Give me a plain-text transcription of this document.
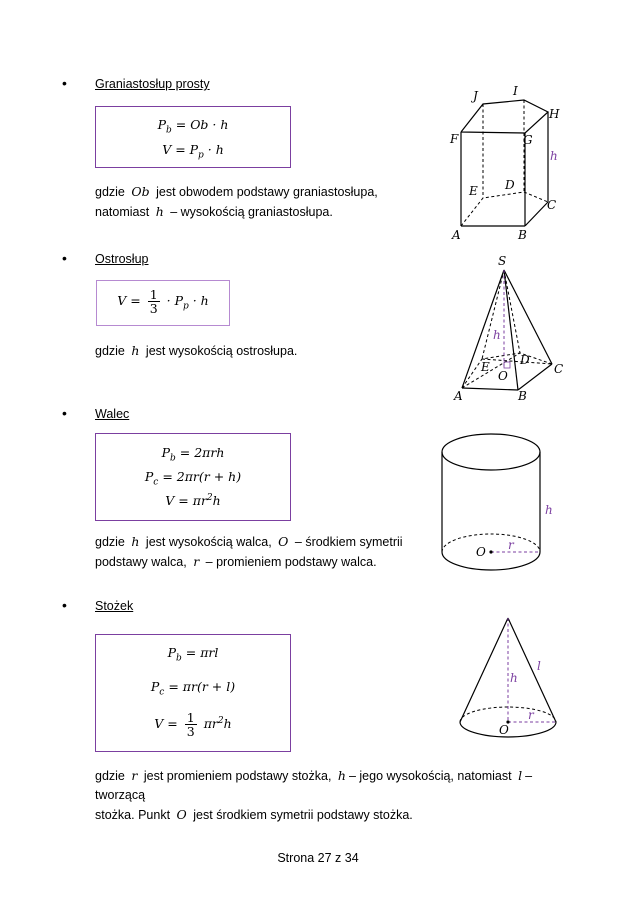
• Graniastosłup prosty
$P_b = Ob \cdot h$
$V = P_p \cdot h$
gdzie Ob jest obwodem podstawy graniastosłupa,
natomiast h – wysokością graniastosłupa.
J	I
H
F	G
h
E D
C
A	B
• Ostrosłup
$V = \frac{1}{3} \cdot P_p \cdot h$
gdzie h jest wysokością ostrosłupa.
S
h
E	D
C
O
A	B
• Walec
$P_b = 2\pi rh$
$P_c = 2\pi r(r + h)$
$V = \pi r^2h$
gdzie h jest wysokością walca, O – środkiem symetrii
podstawy walca, r – promieniem podstawy walca.
h
r
O
• Stożek
$P_b = \pi rl$
$P_c = \pi r(r + l)$
$V = \frac{1}{3} \pi r^2h$
gdzie r jest promieniem podstawy stożka, h – jego wysokością, natomiast l – tworzącą
stożka. Punkt O jest środkiem symetrii podstawy stożka.
l
h
r
O
Strona 27 z 34
